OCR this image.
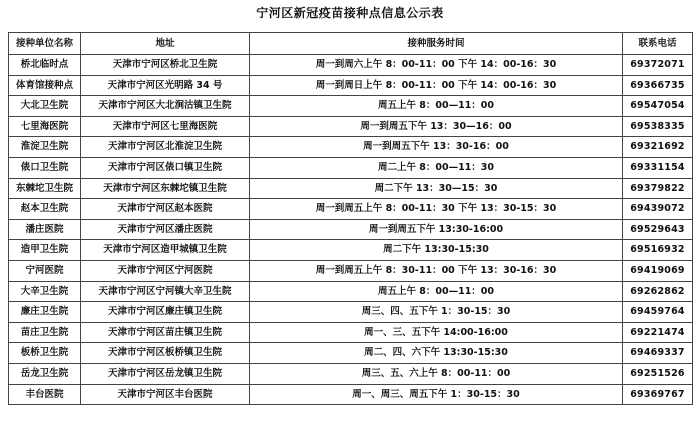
宁河区新冠疫苗接种点信息公示表
接种单位名称	地址	接种服务时间	联系电话
桥北临时点	天津市宁河区桥北卫生院	周一到周六上午 8：00-11：00 下午 14：00-16：30	69372071
体育馆接种点	天津市宁河区光明路 34 号	周一到周日上午 8：00-11：00 下午 14：00-16：30	69366735
大北卫生院	天津市宁河区大北涧沽镇卫生院	周五上午 8：00—11：00	69547054
七里海医院	天津市宁河区七里海医院	周一到周五下午 13：30—16：00	69538335
淮淀卫生院	天津市宁河区北淮淀卫生院	周一到周五下午 13：30-16：00	69321692
俵口卫生院	天津市宁河区俵口镇卫生院	周二上午 8：00—11：30	69331154
东棘坨卫生院	天津市宁河区东棘坨镇卫生院	周二下午 13：30—15：30	69379822
赵本卫生院	天津市宁河区赵本医院	周一到周五上午 8：00-11：30 下午 13：30-15：30	69439072
潘庄医院	天津市宁河区潘庄医院	周一到周五下午 13:30-16:00	69529643
造甲卫生院	天津市宁河区造甲城镇卫生院	周二下午 13:30-15:30	69516932
宁河医院	天津市宁河区宁河医院	周一到周五上午 8：30-11：00 下午 13：30-16：30	69419069
大辛卫生院	天津市宁河区宁河镇大辛卫生院	周五上午 8：00—11：00	69262862
廉庄卫生院	天津市宁河区廉庄镇卫生院	周三、四、五下午 1：30-15：30	69459764
苗庄卫生院	天津市宁河区苗庄镇卫生院	周一、三、五下午 14:00-16:00	69221474
板桥卫生院	天津市宁河区板桥镇卫生院	周二、四、六下午 13:30-15:30	69469337
岳龙卫生院	天津市宁河区岳龙镇卫生院	周三、五、六上午 8：00-11：00	69251526
丰台医院	天津市宁河区丰台医院	周一、周三、周五下午 1：30-15：30	69369767
